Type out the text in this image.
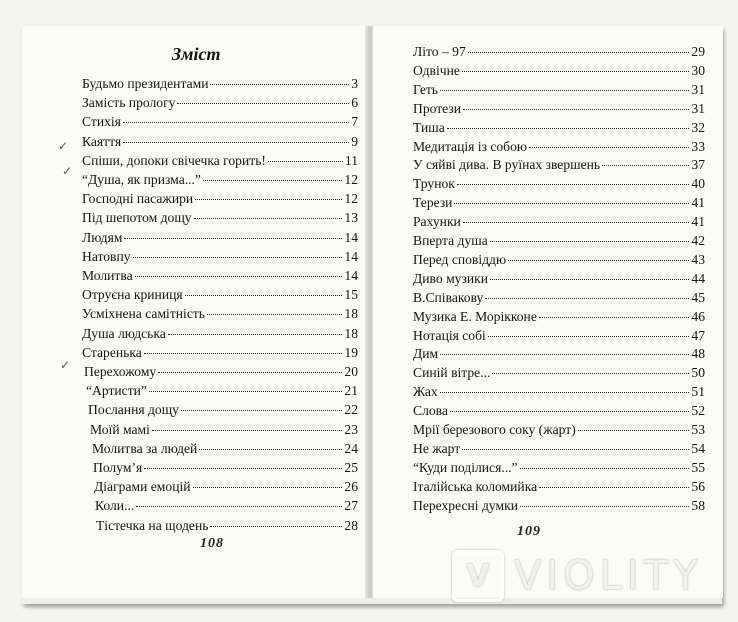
Зміст
Будьмо президентами	3
Замість прологу	6
Стихія	7
Каяття	9
Спіши, допоки свічечка горить!	11
“Душа, як призма...”	12
Господні пасажири	12
Під шепотом дощу	13
Людям	14
Натовпу	14
Молитва	14
Отруєна криниця	15
Усміхнена самітність	18
Душа людська	18
Старенька	19
Перехожому	20
“Артисти”	21
Послання дощу	22
Моїй мамі	23
Молитва за людей	24
Полум’я	25
Діаграми емоцій	26
Коли...	27
Тістечка на щодень	28
✓
✓
✓
108
Літо – 97	29
Одвічне	30
Геть	31
Протези	31
Тиша	32
Медитація із собою	33
У сяйві дива. В руїнах звершень	37
Трунок	40
Терези	41
Рахунки	41
Вперта душа	42
Перед сповіддю	43
Диво музики	44
В.Співакову	45
Музика Е. Морікконе	46
Нотація собі	47
Дим	48
Синій вітре...	50
Жах	51
Слова	52
Мрії березового соку (жарт)	53
Не жарт	54
“Куди поділися...”	55
Італійська коломийка	56
Перехресні думки	58
109
V VIOLITY
